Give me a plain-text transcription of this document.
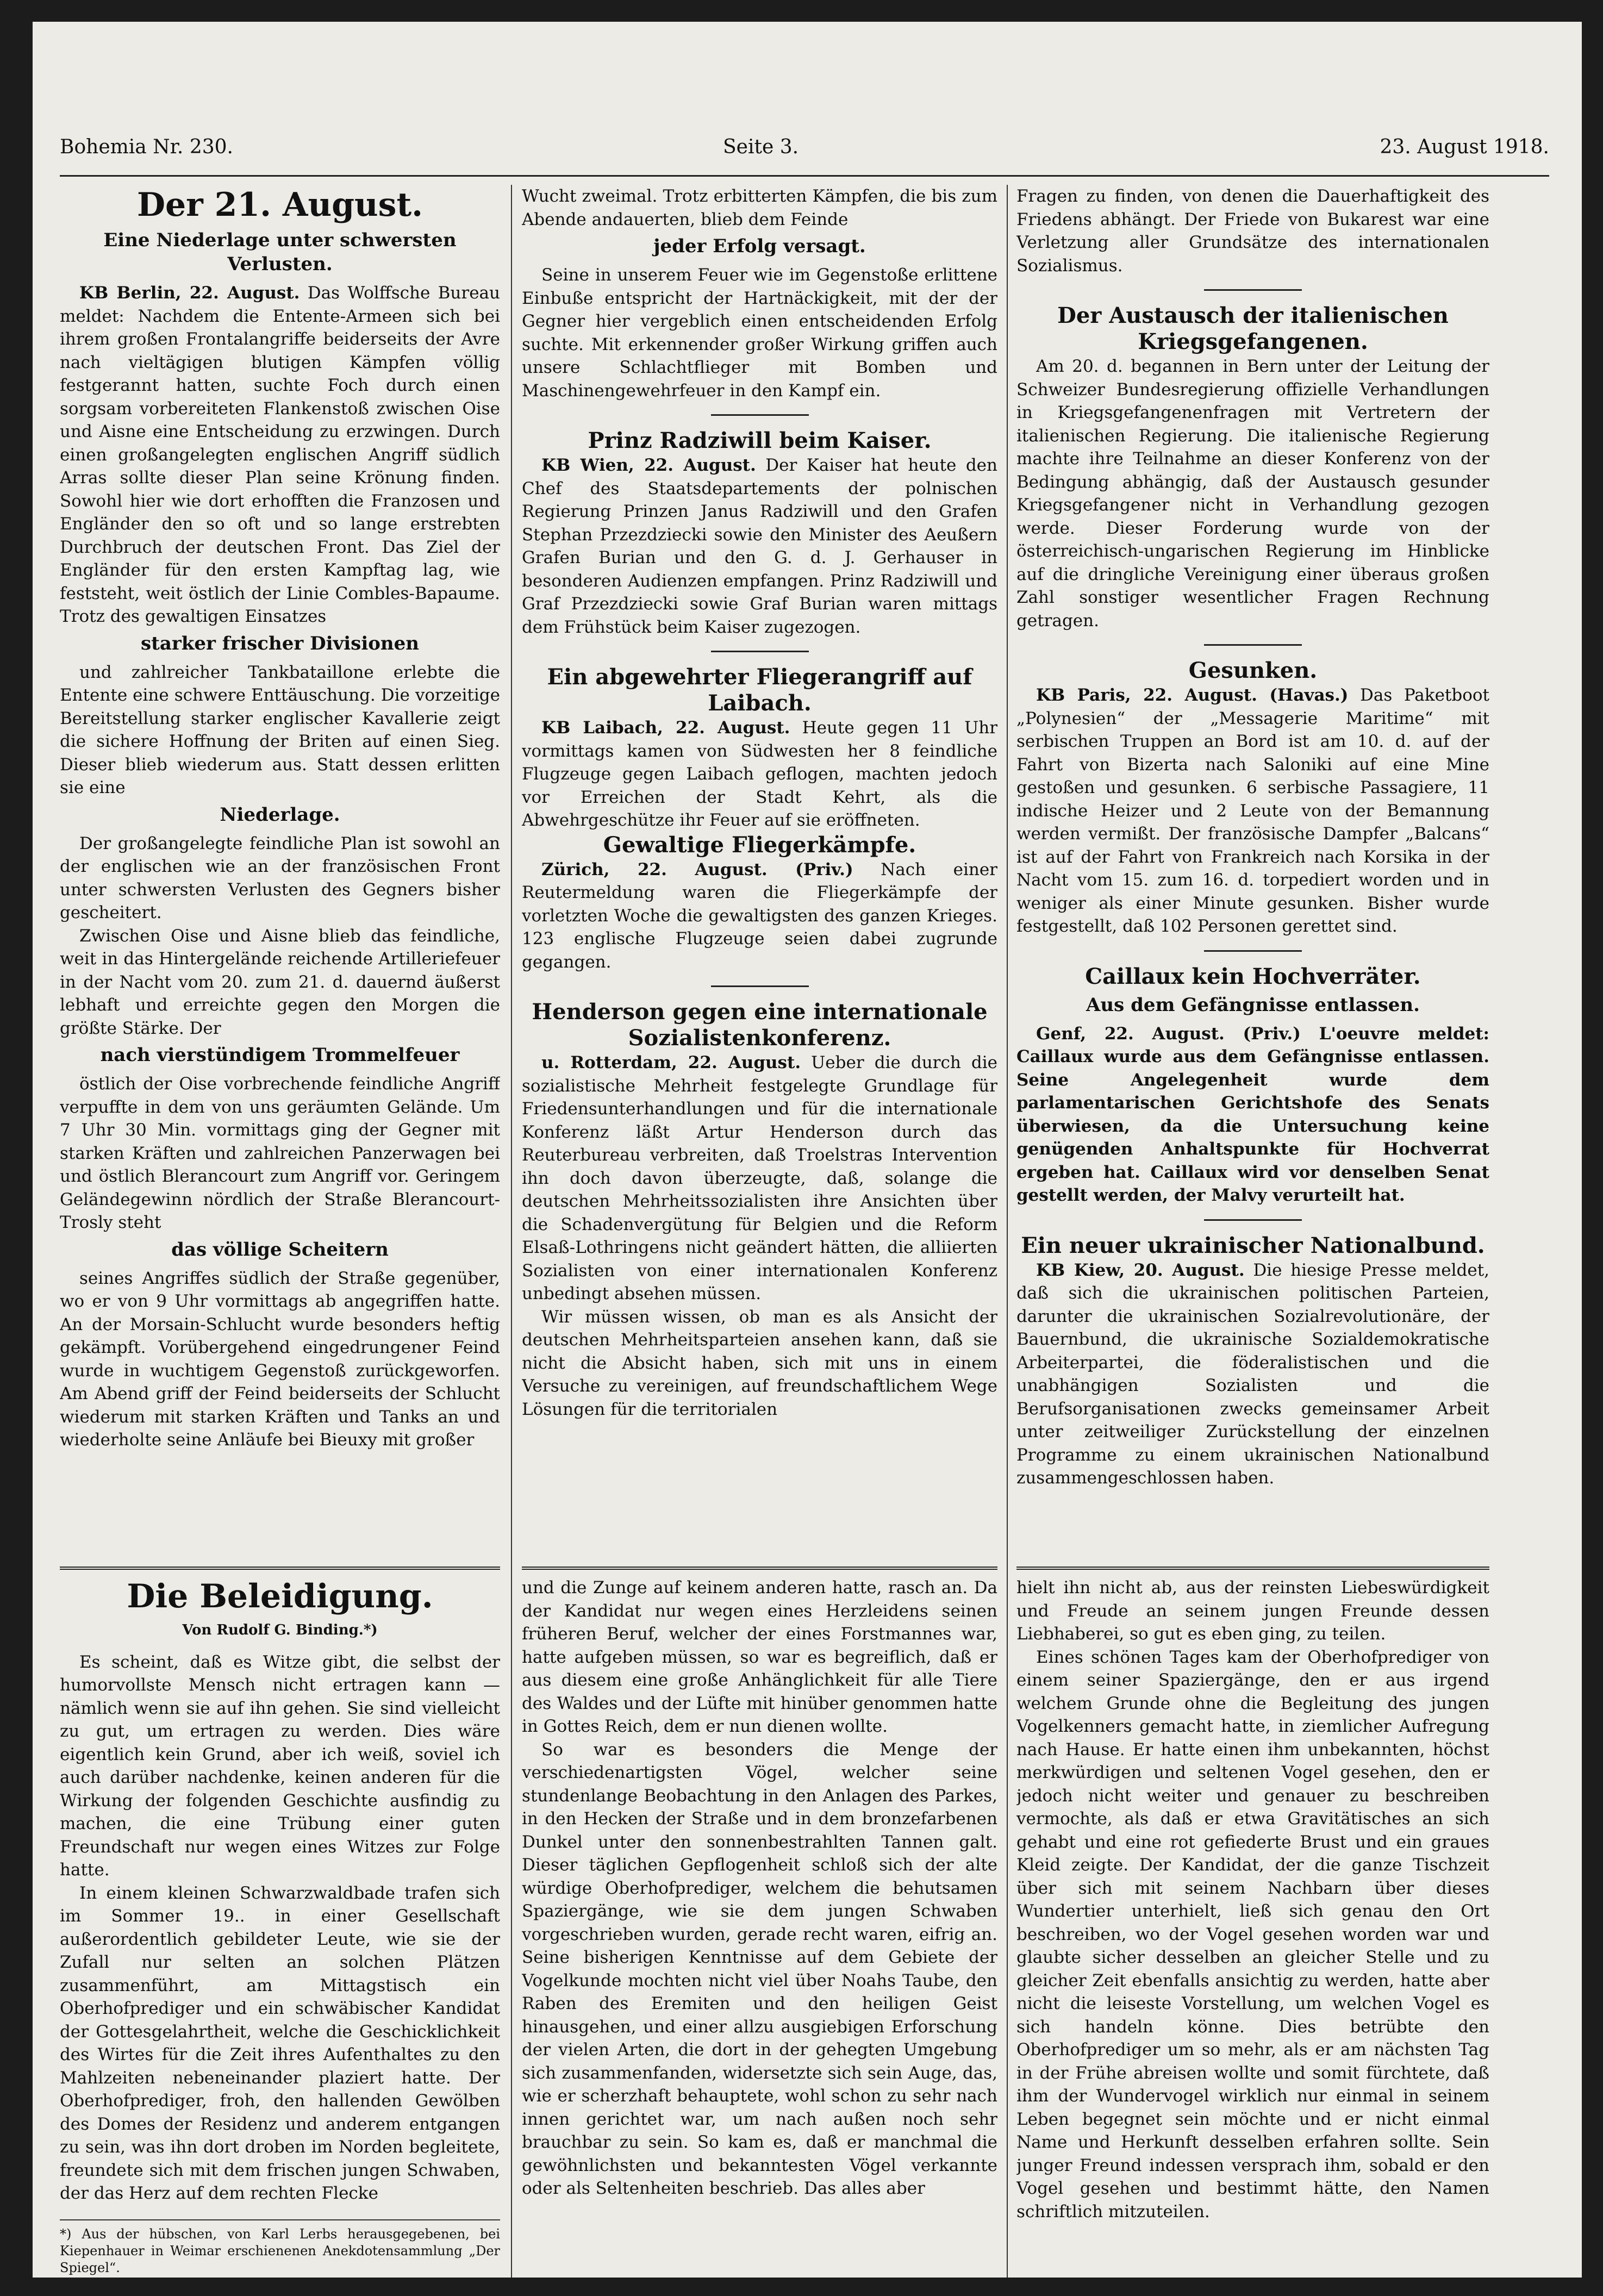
Bohemia Nr. 230.	Seite 3.	23. August 1918.
Der 21. August.
Eine Niederlage unter schwersten Verlusten.

KB Berlin, 22. August. Das Wolffsche Bureau meldet: Nachdem die Entente-Armeen sich bei ihrem großen Frontalangriffe beiderseits der Avre nach vieltägigen blutigen Kämpfen völlig festgerannt hatten, suchte Foch durch einen sorgsam vorbereiteten Flankenstoß zwischen Oise und Aisne eine Entscheidung zu erzwingen. Durch einen großangelegten englischen Angriff südlich Arras sollte dieser Plan seine Krönung finden. Sowohl hier wie dort erhofften die Franzosen und Engländer den so oft und so lange erstrebten Durchbruch der deutschen Front. Das Ziel der Engländer für den ersten Kampftag lag, wie feststeht, weit östlich der Linie Combles-Bapaume. Trotz des gewaltigen Einsatzes

starker frischer Divisionen

und zahlreicher Tankbataillone erlebte die Entente eine schwere Enttäuschung. Die vorzeitige Bereitstellung starker englischer Kavallerie zeigt die sichere Hoffnung der Briten auf einen Sieg. Dieser blieb wiederum aus. Statt dessen erlitten sie eine

Niederlage.

Der großangelegte feindliche Plan ist sowohl an der englischen wie an der französischen Front unter schwersten Verlusten des Gegners bisher gescheitert.

Zwischen Oise und Aisne blieb das feindliche, weit in das Hintergelände reichende Artilleriefeuer in der Nacht vom 20. zum 21. d. dauernd äußerst lebhaft und erreichte gegen den Morgen die größte Stärke. Der

nach vierstündigem Trommelfeuer

östlich der Oise vorbrechende feindliche Angriff verpuffte in dem von uns geräumten Gelände. Um 7 Uhr 30 Min. vormittags ging der Gegner mit starken Kräften und zahlreichen Panzerwagen bei und östlich Blerancourt zum Angriff vor. Geringem Geländegewinn nördlich der Straße Blerancourt-Trosly steht

das völlige Scheitern

seines Angriffes südlich der Straße gegenüber, wo er von 9 Uhr vormittags ab angegriffen hatte. An der Morsain-Schlucht wurde besonders heftig gekämpft. Vorübergehend eingedrungener Feind wurde in wuchtigem Gegenstoß zurückgeworfen. Am Abend griff der Feind beiderseits der Schlucht wiederum mit starken Kräften und Tanks an und wiederholte seine Anläufe bei Bieuxy mit großer

Wucht zweimal. Trotz erbitterten Kämpfen, die bis zum Abende andauerten, blieb dem Feinde

jeder Erfolg versagt.

Seine in unserem Feuer wie im Gegenstoße erlittene Einbuße entspricht der Hartnäckigkeit, mit der der Gegner hier vergeblich einen entscheidenden Erfolg suchte. Mit erkennender großer Wirkung griffen auch unsere Schlachtflieger mit Bomben und Maschinengewehrfeuer in den Kampf ein.

Prinz Radziwill beim Kaiser.

KB Wien, 22. August. Der Kaiser hat heute den Chef des Staatsdepartements der polnischen Regierung Prinzen Janus Radziwill und den Grafen Stephan Przezdziecki sowie den Minister des Aeußern Grafen Burian und den G. d. J. Gerhauser in besonderen Audienzen empfangen. Prinz Radziwill und Graf Przezdziecki sowie Graf Burian waren mittags dem Frühstück beim Kaiser zugezogen.

Ein abgewehrter Fliegerangriff auf Laibach.

KB Laibach, 22. August. Heute gegen 11 Uhr vormittags kamen von Südwesten her 8 feindliche Flugzeuge gegen Laibach geflogen, machten jedoch vor Erreichen der Stadt Kehrt, als die Abwehrgeschütze ihr Feuer auf sie eröffneten.

Gewaltige Fliegerkämpfe.

Zürich, 22. August. (Priv.) Nach einer Reutermeldung waren die Fliegerkämpfe der vorletzten Woche die gewaltigsten des ganzen Krieges. 123 englische Flugzeuge seien dabei zugrunde gegangen.

Henderson gegen eine internationale Sozialistenkonferenz.

u. Rotterdam, 22. August. Ueber die durch die sozialistische Mehrheit festgelegte Grundlage für Friedensunterhandlungen und für die internationale Konferenz läßt Artur Henderson durch das Reuterbureau verbreiten, daß Troelstras Intervention ihn doch davon überzeugte, daß, solange die deutschen Mehrheitssozialisten ihre Ansichten über die Schadenvergütung für Belgien und die Reform Elsaß-Lothringens nicht geändert hätten, die alliierten Sozialisten von einer internationalen Konferenz unbedingt absehen müssen.

Wir müssen wissen, ob man es als Ansicht der deutschen Mehrheitsparteien ansehen kann, daß sie nicht die Absicht haben, sich mit uns in einem Versuche zu vereinigen, auf freundschaftlichem Wege Lösungen für die territorialen

Fragen zu finden, von denen die Dauerhaftigkeit des Friedens abhängt. Der Friede von Bukarest war eine Verletzung aller Grundsätze des internationalen Sozialismus.

Der Austausch der italienischen Kriegsgefangenen.

Am 20. d. begannen in Bern unter der Leitung der Schweizer Bundesregierung offizielle Verhandlungen in Kriegsgefangenenfragen mit Vertretern der italienischen Regierung. Die italienische Regierung machte ihre Teilnahme an dieser Konferenz von der Bedingung abhängig, daß der Austausch gesunder Kriegsgefangener nicht in Verhandlung gezogen werde. Dieser Forderung wurde von der österreichisch-ungarischen Regierung im Hinblicke auf die dringliche Vereinigung einer überaus großen Zahl sonstiger wesentlicher Fragen Rechnung getragen.

Gesunken.

KB Paris, 22. August. (Havas.) Das Paketboot „Polynesien“ der „Messagerie Maritime“ mit serbischen Truppen an Bord ist am 10. d. auf der Fahrt von Bizerta nach Saloniki auf eine Mine gestoßen und gesunken. 6 serbische Passagiere, 11 indische Heizer und 2 Leute von der Bemannung werden vermißt. Der französische Dampfer „Balcans“ ist auf der Fahrt von Frankreich nach Korsika in der Nacht vom 15. zum 16. d. torpediert worden und in weniger als einer Minute gesunken. Bisher wurde festgestellt, daß 102 Personen gerettet sind.

Caillaux kein Hochverräter.
Aus dem Gefängnisse entlassen.

Genf, 22. August. (Priv.) L'oeuvre meldet: Caillaux wurde aus dem Gefängnisse entlassen. Seine Angelegenheit wurde dem parlamentarischen Gerichtshofe des Senats überwiesen, da die Untersuchung keine genügenden Anhaltspunkte für Hochverrat ergeben hat. Caillaux wird vor denselben Senat gestellt werden, der Malvy verurteilt hat.

Ein neuer ukrainischer Nationalbund.

KB Kiew, 20. August. Die hiesige Presse meldet, daß sich die ukrainischen politischen Parteien, darunter die ukrainischen Sozialrevolutionäre, der Bauernbund, die ukrainische Sozialdemokratische Arbeiterpartei, die föderalistischen und die unabhängigen Sozialisten und die Berufsorganisationen zwecks gemeinsamer Arbeit unter zeitweiliger Zurückstellung der einzelnen Programme zu einem ukrainischen Nationalbund zusammengeschlossen haben.

Die Beleidigung.
Von Rudolf G. Binding.*)

Es scheint, daß es Witze gibt, die selbst der humorvollste Mensch nicht ertragen kann — nämlich wenn sie auf ihn gehen. Sie sind vielleicht zu gut, um ertragen zu werden. Dies wäre eigentlich kein Grund, aber ich weiß, soviel ich auch darüber nachdenke, keinen anderen für die Wirkung der folgenden Geschichte ausfindig zu machen, die eine Trübung einer guten Freundschaft nur wegen eines Witzes zur Folge hatte.

In einem kleinen Schwarzwaldbade trafen sich im Sommer 19.. in einer Gesellschaft außerordentlich gebildeter Leute, wie sie der Zufall nur selten an solchen Plätzen zusammenführt, am Mittagstisch ein Oberhofprediger und ein schwäbischer Kandidat der Gottesgelahrtheit, welche die Geschicklichkeit des Wirtes für die Zeit ihres Aufenthaltes zu den Mahlzeiten nebeneinander plaziert hatte. Der Oberhofprediger, froh, den hallenden Gewölben des Domes der Residenz und anderem entgangen zu sein, was ihn dort droben im Norden begleitete, freundete sich mit dem frischen jungen Schwaben, der das Herz auf dem rechten Flecke

*) Aus der hübschen, von Karl Lerbs herausgegebenen, bei Kiepenhauer in Weimar erschienenen Anekdotensammlung „Der Spiegel“.

und die Zunge auf keinem anderen hatte, rasch an. Da der Kandidat nur wegen eines Herzleidens seinen früheren Beruf, welcher der eines Forstmannes war, hatte aufgeben müssen, so war es begreiflich, daß er aus diesem eine große Anhänglichkeit für alle Tiere des Waldes und der Lüfte mit hinüber genommen hatte in Gottes Reich, dem er nun dienen wollte.

So war es besonders die Menge der verschiedenartigsten Vögel, welcher seine stundenlange Beobachtung in den Anlagen des Parkes, in den Hecken der Straße und in dem bronzefarbenen Dunkel unter den sonnenbestrahlten Tannen galt. Dieser täglichen Gepflogenheit schloß sich der alte würdige Oberhofprediger, welchem die behutsamen Spaziergänge, wie sie dem jungen Schwaben vorgeschrieben wurden, gerade recht waren, eifrig an. Seine bisherigen Kenntnisse auf dem Gebiete der Vogelkunde mochten nicht viel über Noahs Taube, den Raben des Eremiten und den heiligen Geist hinausgehen, und einer allzu ausgiebigen Erforschung der vielen Arten, die dort in der gehegten Umgebung sich zusammenfanden, widersetzte sich sein Auge, das, wie er scherzhaft behauptete, wohl schon zu sehr nach innen gerichtet war, um nach außen noch sehr brauchbar zu sein. So kam es, daß er manchmal die gewöhnlichsten und bekanntesten Vögel verkannte oder als Seltenheiten beschrieb. Das alles aber

hielt ihn nicht ab, aus der reinsten Liebeswürdigkeit und Freude an seinem jungen Freunde dessen Liebhaberei, so gut es eben ging, zu teilen.

Eines schönen Tages kam der Oberhofprediger von einem seiner Spaziergänge, den er aus irgend welchem Grunde ohne die Begleitung des jungen Vogelkenners gemacht hatte, in ziemlicher Aufregung nach Hause. Er hatte einen ihm unbekannten, höchst merkwürdigen und seltenen Vogel gesehen, den er jedoch nicht weiter und genauer zu beschreiben vermochte, als daß er etwa Gravitätisches an sich gehabt und eine rot gefiederte Brust und ein graues Kleid zeigte. Der Kandidat, der die ganze Tischzeit über sich mit seinem Nachbarn über dieses Wundertier unterhielt, ließ sich genau den Ort beschreiben, wo der Vogel gesehen worden war und glaubte sicher desselben an gleicher Stelle und zu gleicher Zeit ebenfalls ansichtig zu werden, hatte aber nicht die leiseste Vorstellung, um welchen Vogel es sich handeln könne. Dies betrübte den Oberhofprediger um so mehr, als er am nächsten Tag in der Frühe abreisen wollte und somit fürchtete, daß ihm der Wundervogel wirklich nur einmal in seinem Leben begegnet sein möchte und er nicht einmal Name und Herkunft desselben erfahren sollte. Sein junger Freund indessen versprach ihm, sobald er den Vogel gesehen und bestimmt hätte, den Namen schriftlich mitzuteilen.
